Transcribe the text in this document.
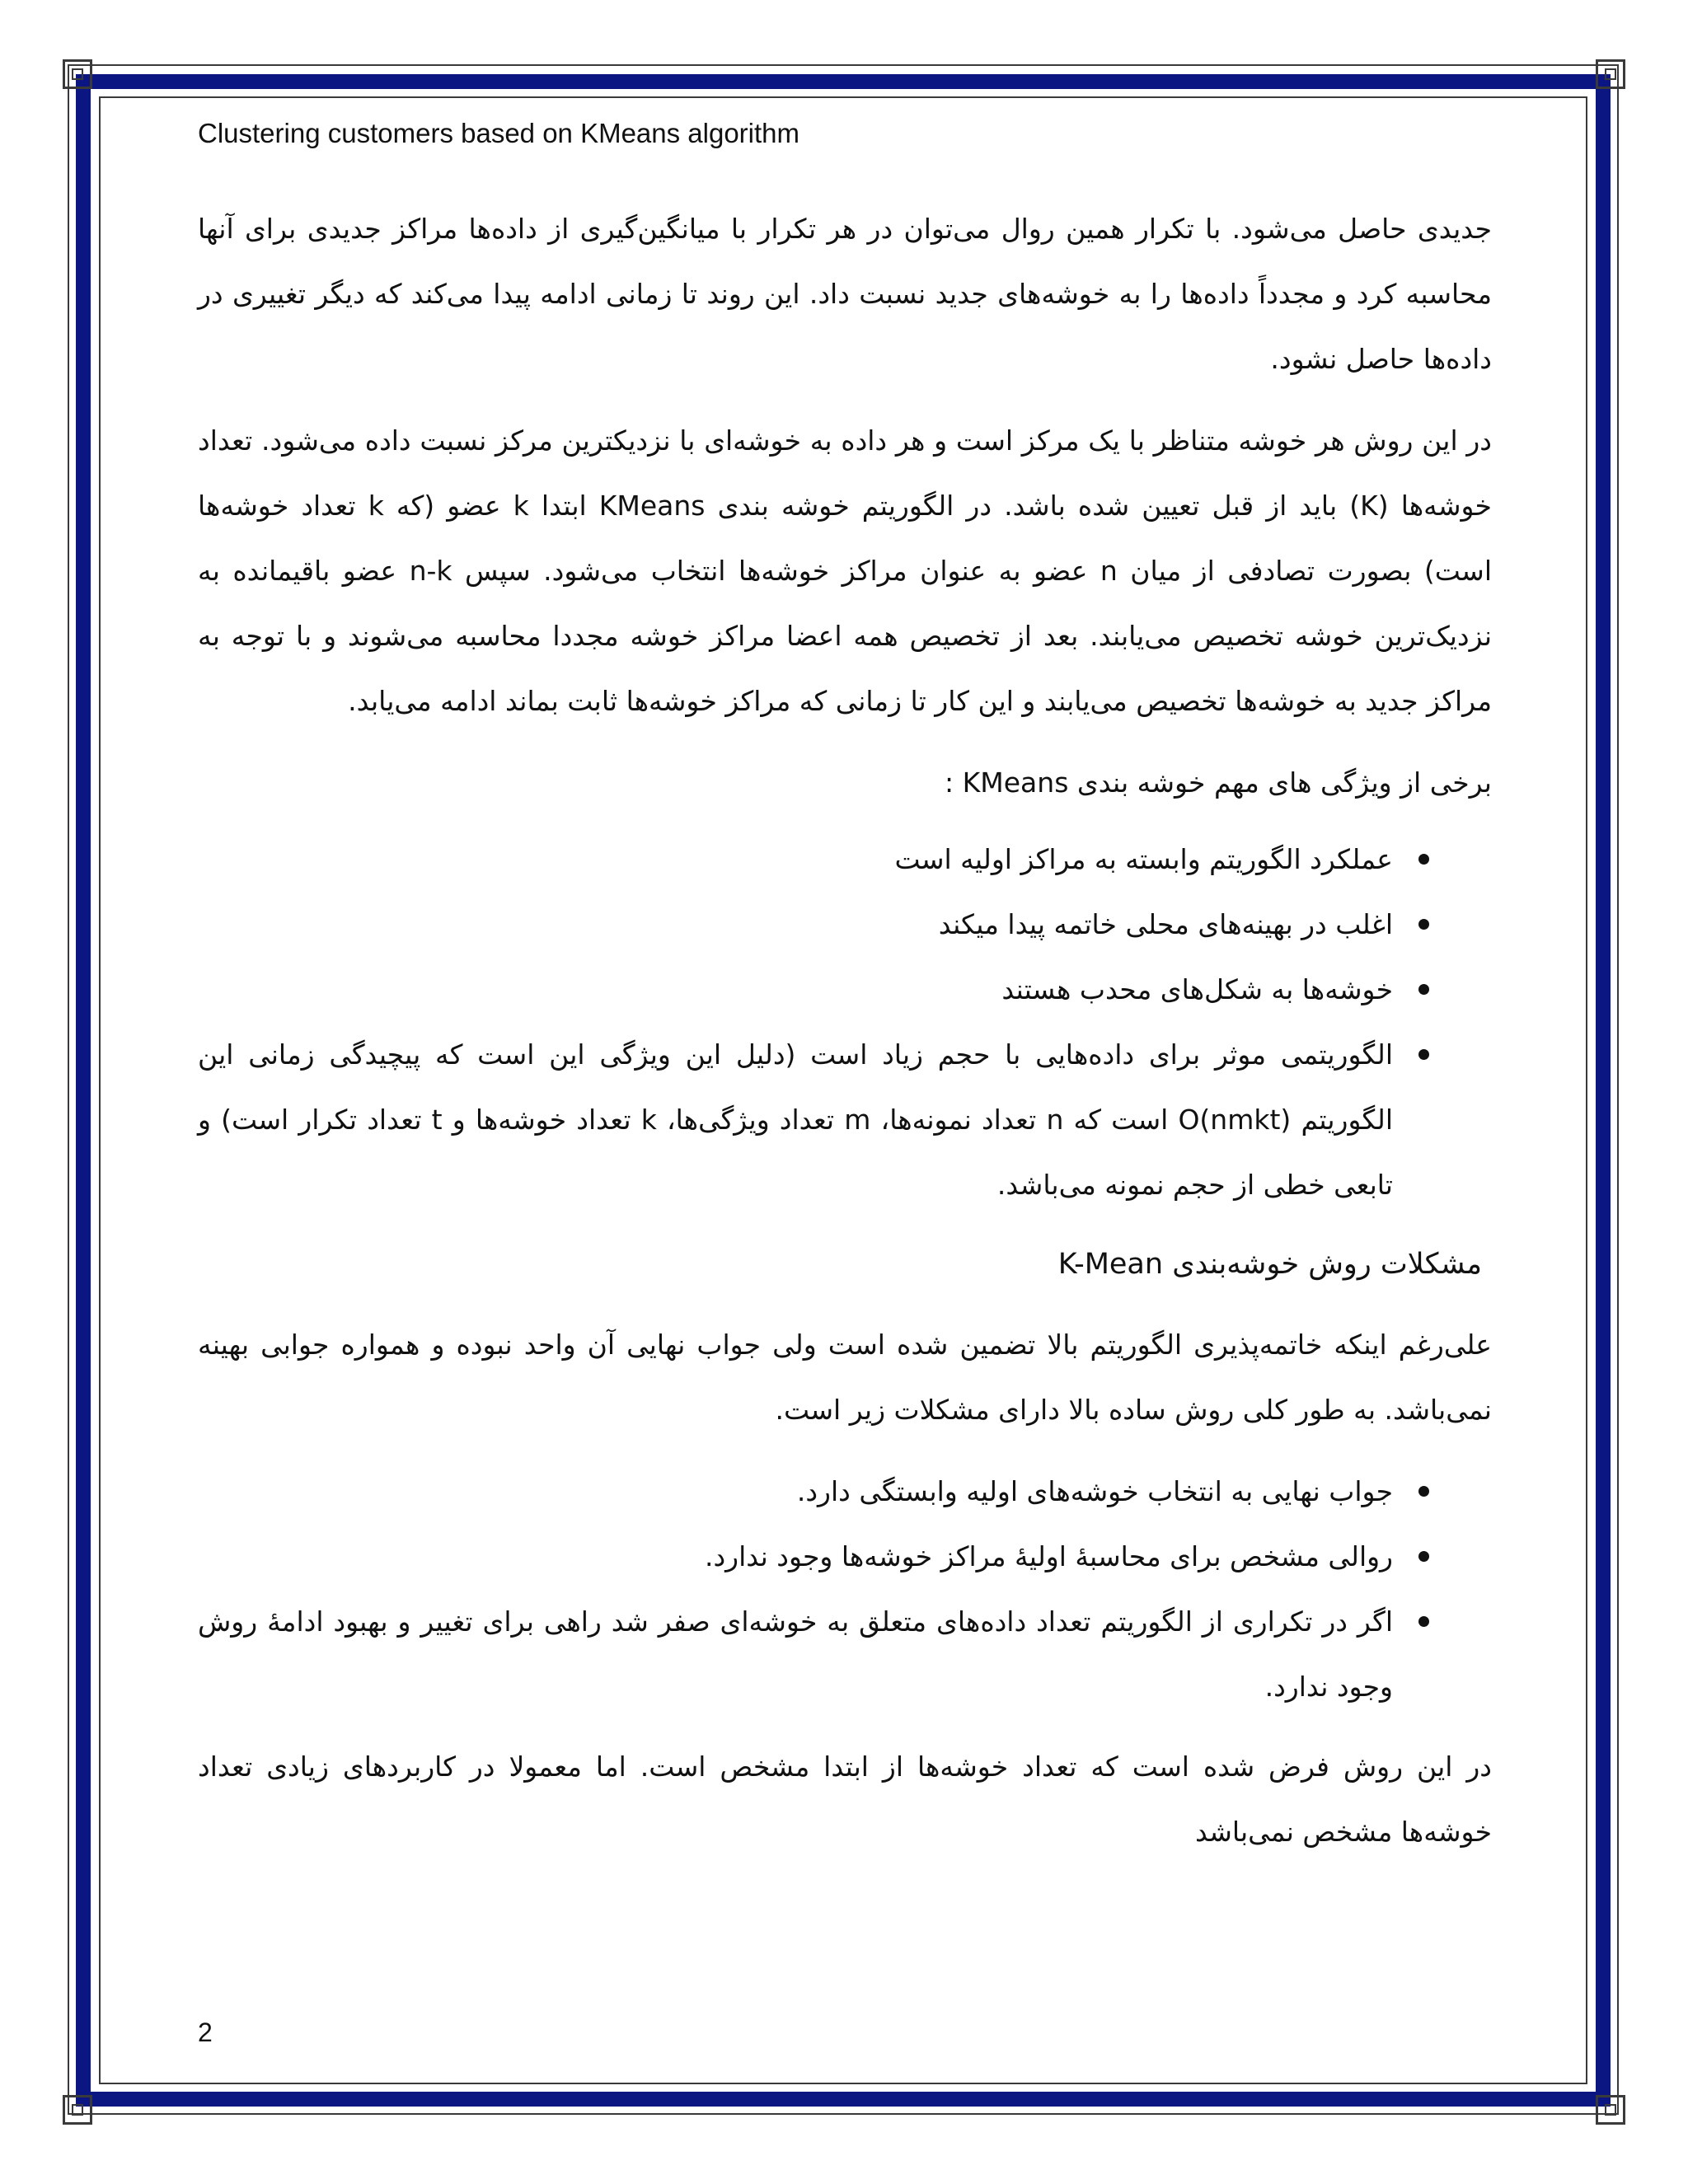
Clustering customers based on KMeans algorithm

جدیدی حاصل می‌شود. با تکرار همین روال می‌توان در هر تکرار با میانگین‌گیری از داده‌ها مراکز جدیدی برای آنها محاسبه کرد و مجدداً داده‌ها را به خوشه‌های جدید نسبت داد. این روند تا زمانی ادامه پیدا می‌کند که دیگر تغییری در داده‌ها حاصل نشود.

در این روش هر خوشه متناظر با یک مرکز است و هر داده به خوشه‌ای با نزدیکترین مرکز نسبت داده می‌شود. تعداد خوشه‌ها (K) باید از قبل تعیین شده باشد. در الگوریتم خوشه بندی KMeans ابتدا k عضو (که k تعداد خوشه‌ها است) بصورت تصادفی از میان n عضو به عنوان مراکز خوشه‌ها انتخاب می‌شود. سپس n-k عضو باقیمانده به نزدیک‌ترین خوشه تخصیص می‌یابند. بعد از تخصیص همه اعضا مراکز خوشه مجددا محاسبه می‌شوند و با توجه به مراکز جدید به خوشه‌ها تخصیص می‌یابند و این کار تا زمانی که مراکز خوشه‌ها ثابت بماند ادامه می‌یابد.

برخی از ویژگی های مهم خوشه بندی KMeans :

عملکرد الگوریتم وابسته به مراکز اولیه است
اغلب در بهینه‌های محلی خاتمه پیدا میکند
خوشه‌ها به شکل‌های محدب هستند
الگوریتمی موثر برای داده‌هایی با حجم زیاد است (دلیل این ویژگی این است که پیچیدگی زمانی این الگوریتم O(nmkt) است که n تعداد نمونه‌ها، m تعداد ویژگی‌ها، k تعداد خوشه‌ها و t تعداد تکرار است) و تابعی خطی از حجم نمونه می‌باشد.

مشکلات روش خوشه‌بندی K-Mean

علی‌رغم اینکه خاتمه‌پذیری الگوریتم بالا تضمین شده است ولی جواب نهایی آن واحد نبوده و همواره جوابی بهینه نمی‌باشد. به طور کلی روش ساده بالا دارای مشکلات زیر است.

جواب نهایی به انتخاب خوشه‌های اولیه وابستگی دارد.
روالی مشخص برای محاسبهٔ اولیهٔ مراکز خوشه‌ها وجود ندارد.
اگر در تکراری از الگوریتم تعداد داده‌های متعلق به خوشه‌ای صفر شد راهی برای تغییر و بهبود ادامهٔ روش وجود ندارد.

در این روش فرض شده است که تعداد خوشه‌ها از ابتدا مشخص است. اما معمولا در کاربردهای زیادی تعداد خوشه‌ها مشخص نمی‌باشد

2
